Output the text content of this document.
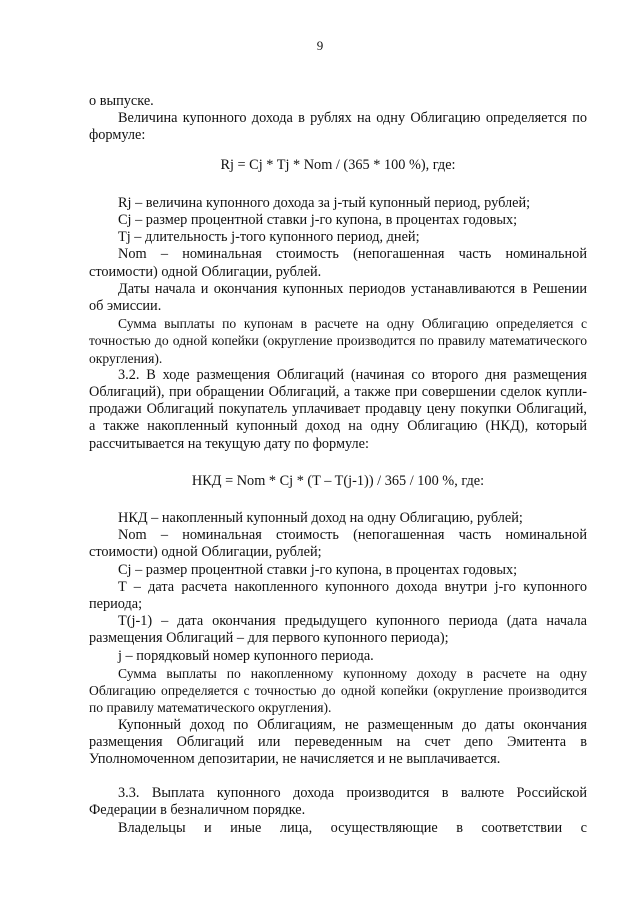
9

о выпуске.

Величина купонного дохода в рублях на одну Облигацию определяется по формуле:

Rj = Cj * Tj * Nom / (365 * 100 %), где:

Rj – величина купонного дохода за j-тый купонный период, рублей;

Cj – размер процентной ставки j-го купона, в процентах годовых;

Tj – длительность j-того купонного период, дней;

Nom – номинальная стоимость (непогашенная часть номинальной стоимости) одной Облигации, рублей.

Даты начала и окончания купонных периодов устанавливаются в Решении об эмиссии.

Сумма выплаты по купонам в расчете на одну Облигацию определяется с точностью до одной копейки (округление производится по правилу математического округления).

3.2. В ходе размещения Облигаций (начиная со второго дня размещения Облигаций), при обращении Облигаций, а также при совершении сделок купли-продажи Облигаций покупатель уплачивает продавцу цену покупки Облигаций, а также накопленный купонный доход на одну Облигацию (НКД), который рассчитывается на текущую дату по формуле:

НКД = Nom * Cj * (T – T(j-1)) / 365 / 100 %, где:

НКД – накопленный купонный доход на одну Облигацию, рублей;

Nom – номинальная стоимость (непогашенная часть номинальной стоимости) одной Облигации, рублей;

Cj – размер процентной ставки j-го купона, в процентах годовых;

T – дата расчета накопленного купонного дохода внутри j-го купонного периода;

T(j-1) – дата окончания предыдущего купонного периода (дата начала размещения Облигаций – для первого купонного периода);

j – порядковый номер купонного периода.

Сумма выплаты по накопленному купонному доходу в расчете на одну Облигацию определяется с точностью до одной копейки (округление производится по правилу математического округления).

Купонный доход по Облигациям, не размещенным до даты окончания размещения Облигаций или переведенным на счет депо Эмитента в Уполномоченном депозитарии, не начисляется и не выплачивается.

3.3. Выплата купонного дохода производится в валюте Российской Федерации в безналичном порядке.

Владельцы и иные лица, осуществляющие в соответствии с
